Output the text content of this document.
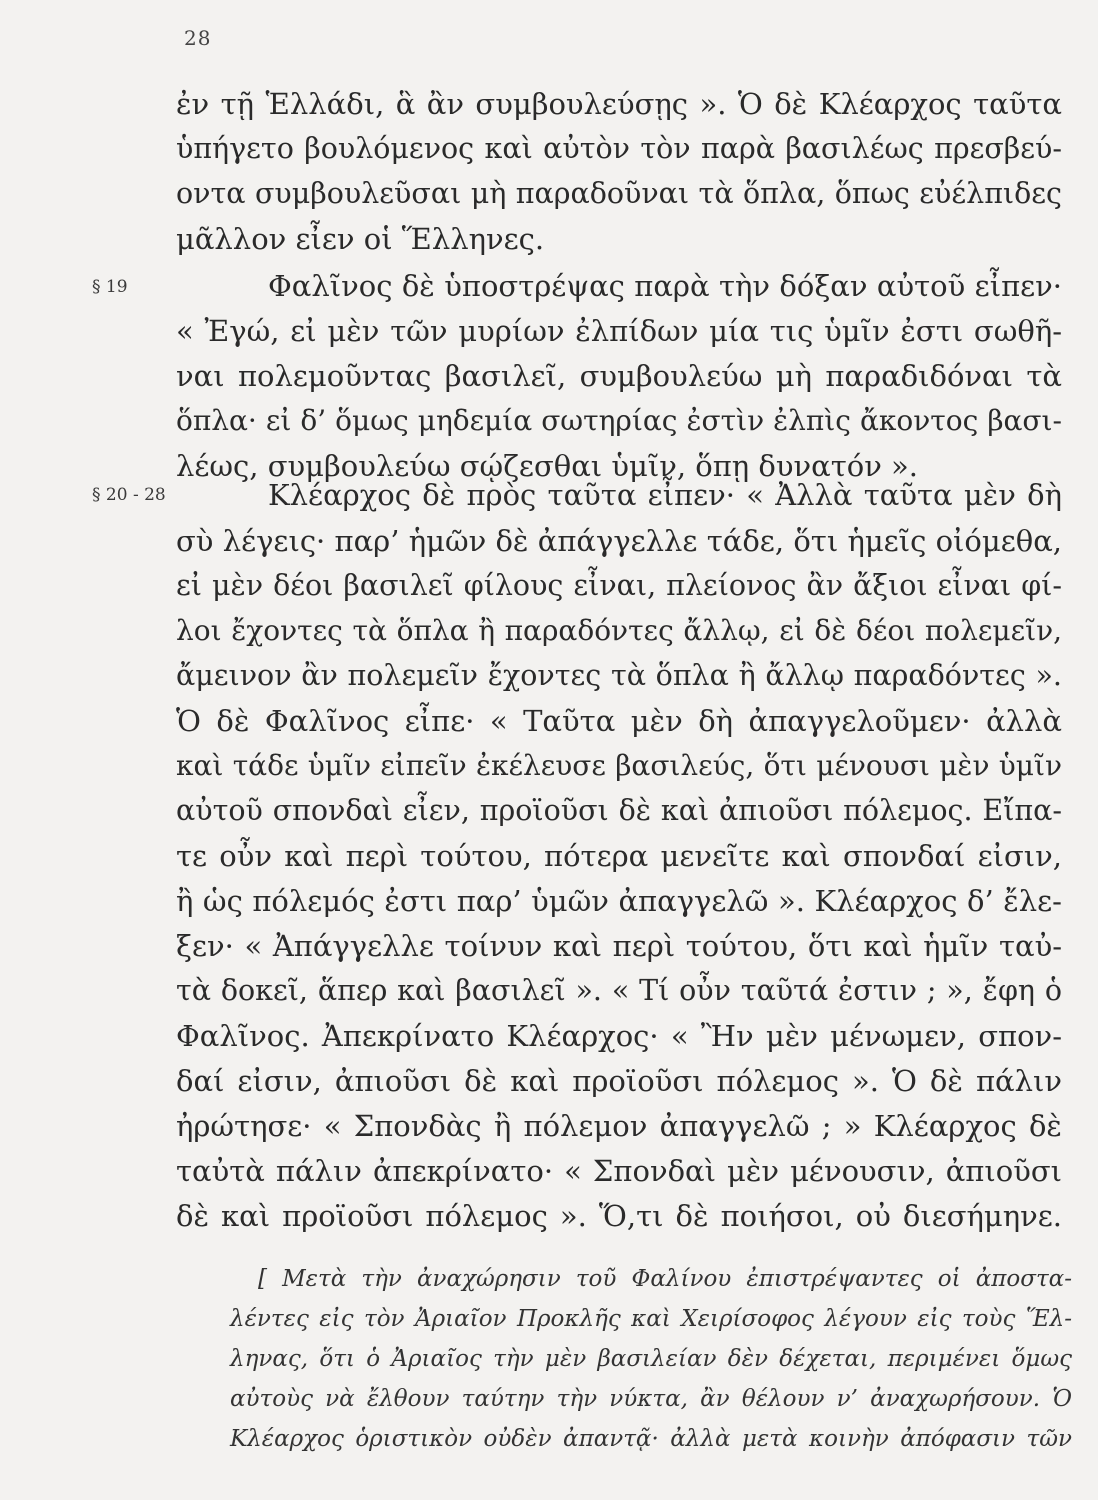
28
§ 19
§ 20 - 28
ἐν τῇ Ἑλλάδι, ἃ ἂν συμβουλεύσῃς ». Ὁ δὲ Κλέαρχος ταῦτα
ὑπήγετο βουλόμενος καὶ αὐτὸν τὸν παρὰ βασιλέως πρεσβεύ-
οντα συμβουλεῦσαι μὴ παραδοῦναι τὰ ὅπλα, ὅπως εὐέλπιδες
μᾶλλον εἶεν οἱ Ἕλληνες.
Φαλῖνος δὲ ὑποστρέψας παρὰ τὴν δόξαν αὐτοῦ εἶπεν·
« Ἐγώ, εἰ μὲν τῶν μυρίων ἐλπίδων μία τις ὑμῖν ἐστι σωθῆ-
ναι πολεμοῦντας βασιλεῖ, συμβουλεύω μὴ παραδιδόναι τὰ
ὅπλα· εἰ δ’ ὅμως μηδεμία σωτηρίας ἐστὶν ἐλπὶς ἄκοντος βασι-
λέως, συμβουλεύω σῴζεσθαι ὑμῖν, ὅπῃ δυνατόν ».
Κλέαρχος δὲ πρὸς ταῦτα εἶπεν· « Ἀλλὰ ταῦτα μὲν δὴ
σὺ λέγεις· παρ’ ἡμῶν δὲ ἀπάγγελλε τάδε, ὅτι ἡμεῖς οἰόμεθα,
εἰ μὲν δέοι βασιλεῖ φίλους εἶναι, πλείονος ἂν ἄξιοι εἶναι φί-
λοι ἔχοντες τὰ ὅπλα ἢ παραδόντες ἄλλῳ, εἰ δὲ δέοι πολεμεῖν,
ἄμεινον ἂν πολεμεῖν ἔχοντες τὰ ὅπλα ἢ ἄλλῳ παραδόντες ».
Ὁ δὲ Φαλῖνος εἶπε· « Ταῦτα μὲν δὴ ἀπαγγελοῦμεν· ἀλλὰ
καὶ τάδε ὑμῖν εἰπεῖν ἐκέλευσε βασιλεύς, ὅτι μένουσι μὲν ὑμῖν
αὐτοῦ σπονδαὶ εἶεν, προϊοῦσι δὲ καὶ ἀπιοῦσι πόλεμος. Εἴπα-
τε οὖν καὶ περὶ τούτου, πότερα μενεῖτε καὶ σπονδαί εἰσιν,
ἢ ὡς πόλεμός ἐστι παρ’ ὑμῶν ἀπαγγελῶ ». Κλέαρχος δ’ ἔλε-
ξεν· « Ἀπάγγελλε τοίνυν καὶ περὶ τούτου, ὅτι καὶ ἡμῖν ταὐ-
τὰ δοκεῖ, ἅπερ καὶ βασιλεῖ ». « Τί οὖν ταῦτά ἐστιν ; », ἔφη ὁ
Φαλῖνος. Ἀπεκρίνατο Κλέαρχος· « Ἢν μὲν μένωμεν, σπον-
δαί εἰσιν, ἀπιοῦσι δὲ καὶ προϊοῦσι πόλεμος ». Ὁ δὲ πάλιν
ἠρώτησε· « Σπονδὰς ἢ πόλεμον ἀπαγγελῶ ; » Κλέαρχος δὲ
ταὐτὰ πάλιν ἀπεκρίνατο· « Σπονδαὶ μὲν μένουσιν, ἀπιοῦσι
δὲ καὶ προϊοῦσι πόλεμος ». Ὅ,τι δὲ ποιήσοι, οὐ διεσήμηνε.
[ Μετὰ τὴν ἀναχώρησιν τοῦ Φαλίνου ἐπιστρέψαντες οἱ ἀποστα-
λέντες εἰς τὸν Ἀριαῖον Προκλῆς καὶ Χειρίσοφος λέγουν εἰς τοὺς Ἕλ-
ληνας, ὅτι ὁ Ἀριαῖος τὴν μὲν βασιλείαν δὲν δέχεται, περιμένει ὅμως
αὐτοὺς νὰ ἔλθουν ταύτην τὴν νύκτα, ἂν θέλουν ν’ ἀναχωρήσουν. Ὁ
Κλέαρχος ὁριστικὸν οὐδὲν ἀπαντᾷ· ἀλλὰ μετὰ κοινὴν ἀπόφασιν τῶν
